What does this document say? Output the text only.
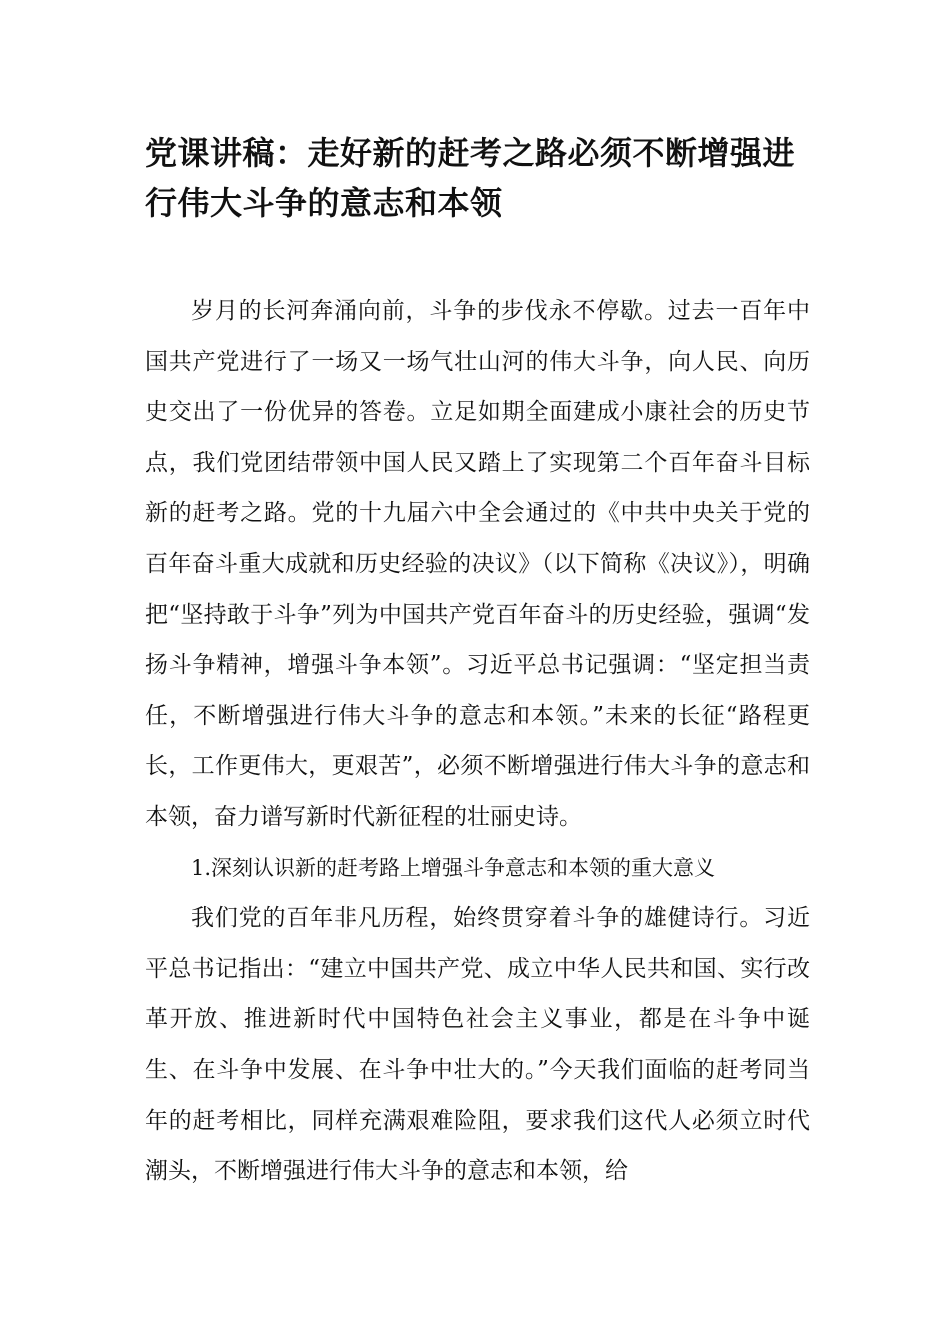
党课讲稿：走好新的赶考之路必须不断增强进行伟大斗争的意志和本领

岁月的长河奔涌向前，斗争的步伐永不停歇。过去一百年中国共产党进行了一场又一场气壮山河的伟大斗争，向人民、向历史交出了一份优异的答卷。立足如期全面建成小康社会的历史节点，我们党团结带领中国人民又踏上了实现第二个百年奋斗目标新的赶考之路。党的十九届六中全会通过的《中共中央关于党的百年奋斗重大成就和历史经验的决议》（以下简称《决议》），明确把“坚持敢于斗争”列为中国共产党百年奋斗的历史经验，强调“发扬斗争精神，增强斗争本领”。习近平总书记强调：“坚定担当责任，不断增强进行伟大斗争的意志和本领。”未来的长征“路程更长，工作更伟大，更艰苦”，必须不断增强进行伟大斗争的意志和本领，奋力谱写新时代新征程的壮丽史诗。

1.深刻认识新的赶考路上增强斗争意志和本领的重大意义

我们党的百年非凡历程，始终贯穿着斗争的雄健诗行。习近平总书记指出：“建立中国共产党、成立中华人民共和国、实行改革开放、推进新时代中国特色社会主义事业，都是在斗争中诞生、在斗争中发展、在斗争中壮大的。”今天我们面临的赶考同当年的赶考相比，同样充满艰难险阻，要求我们这代人必须立时代潮头，不断增强进行伟大斗争的意志和本领，给
